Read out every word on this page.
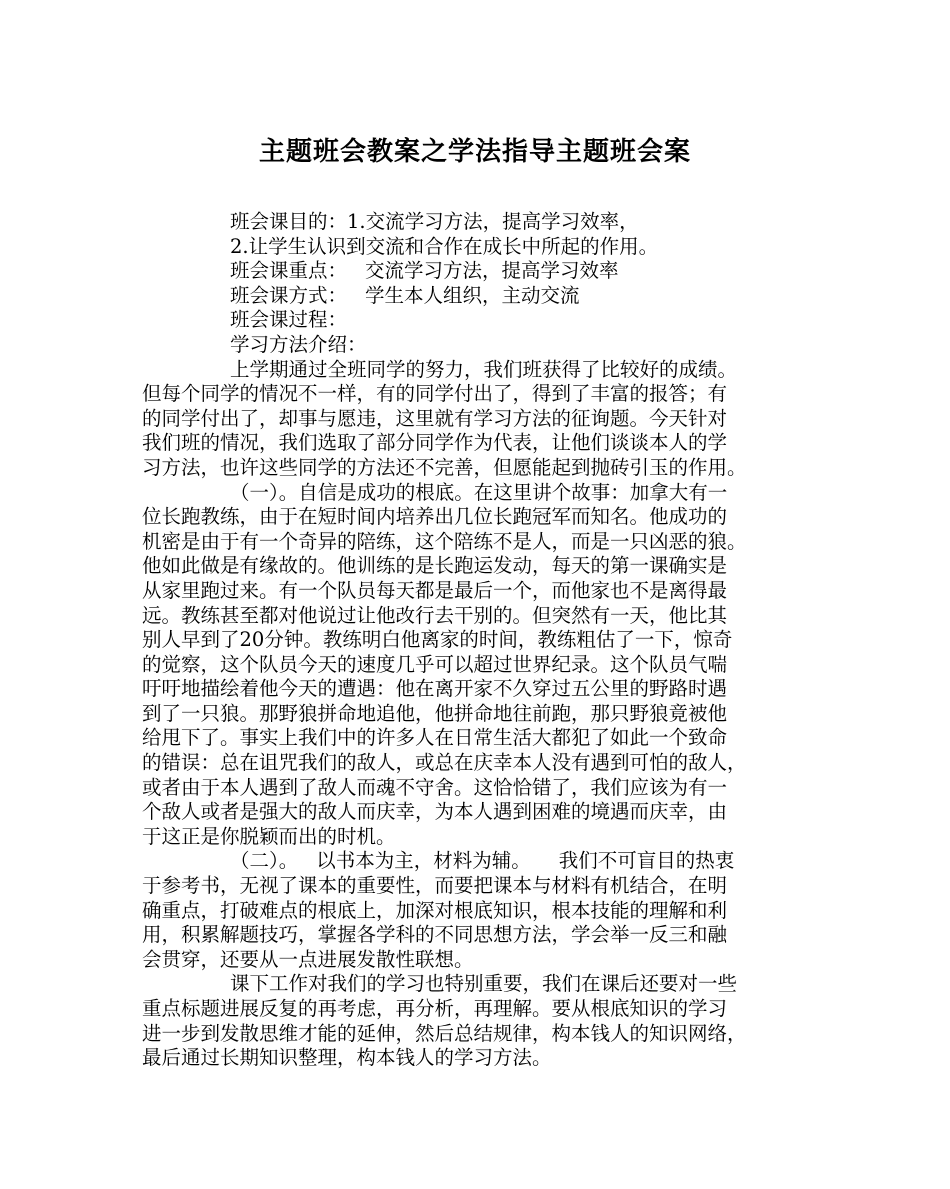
主题班会教案之学法指导主题班会案
班会课目的：1.交流学习方法，提高学习效率，
2.让学生认识到交流和合作在成长中所起的作用。
班会课重点： 交流学习方法，提高学习效率
班会课方式： 学生本人组织，主动交流
班会课过程：
学习方法介绍：
上学期通过全班同学的努力，我们班获得了比较好的成绩。
但每个同学的情况不一样，有的同学付出了，得到了丰富的报答；有
的同学付出了，却事与愿违，这里就有学习方法的征询题。今天针对
我们班的情况，我们选取了部分同学作为代表，让他们谈谈本人的学
习方法，也许这些同学的方法还不完善，但愿能起到抛砖引玉的作用。
（一）。自信是成功的根底。在这里讲个故事：加拿大有一
位长跑教练，由于在短时间内培养出几位长跑冠军而知名。他成功的
机密是由于有一个奇异的陪练，这个陪练不是人，而是一只凶恶的狼。
他如此做是有缘故的。他训练的是长跑运发动，每天的第一课确实是
从家里跑过来。有一个队员每天都是最后一个，而他家也不是离得最
远。教练甚至都对他说过让他改行去干别的。但突然有一天，他比其
别人早到了20分钟。教练明白他离家的时间，教练粗估了一下，惊奇
的觉察，这个队员今天的速度几乎可以超过世界纪录。这个队员气喘
吁吁地描绘着他今天的遭遇：他在离开家不久穿过五公里的野路时遇
到了一只狼。那野狼拼命地追他，他拼命地往前跑，那只野狼竟被他
给甩下了。事实上我们中的许多人在日常生活大都犯了如此一个致命
的错误：总在诅咒我们的敌人，或总在庆幸本人没有遇到可怕的敌人，
或者由于本人遇到了敌人而魂不守舍。这恰恰错了，我们应该为有一
个敌人或者是强大的敌人而庆幸，为本人遇到困难的境遇而庆幸，由
于这正是你脱颖而出的时机。
（二）。 以书本为主，材料为辅。 我们不可盲目的热衷
于参考书，无视了课本的重要性，而要把课本与材料有机结合，在明
确重点，打破难点的根底上，加深对根底知识，根本技能的理解和利
用，积累解题技巧，掌握各学科的不同思想方法，学会举一反三和融
会贯穿，还要从一点进展发散性联想。
课下工作对我们的学习也特别重要，我们在课后还要对一些
重点标题进展反复的再考虑，再分析，再理解。要从根底知识的学习
进一步到发散思维才能的延伸，然后总结规律，构本钱人的知识网络，
最后通过长期知识整理，构本钱人的学习方法。
